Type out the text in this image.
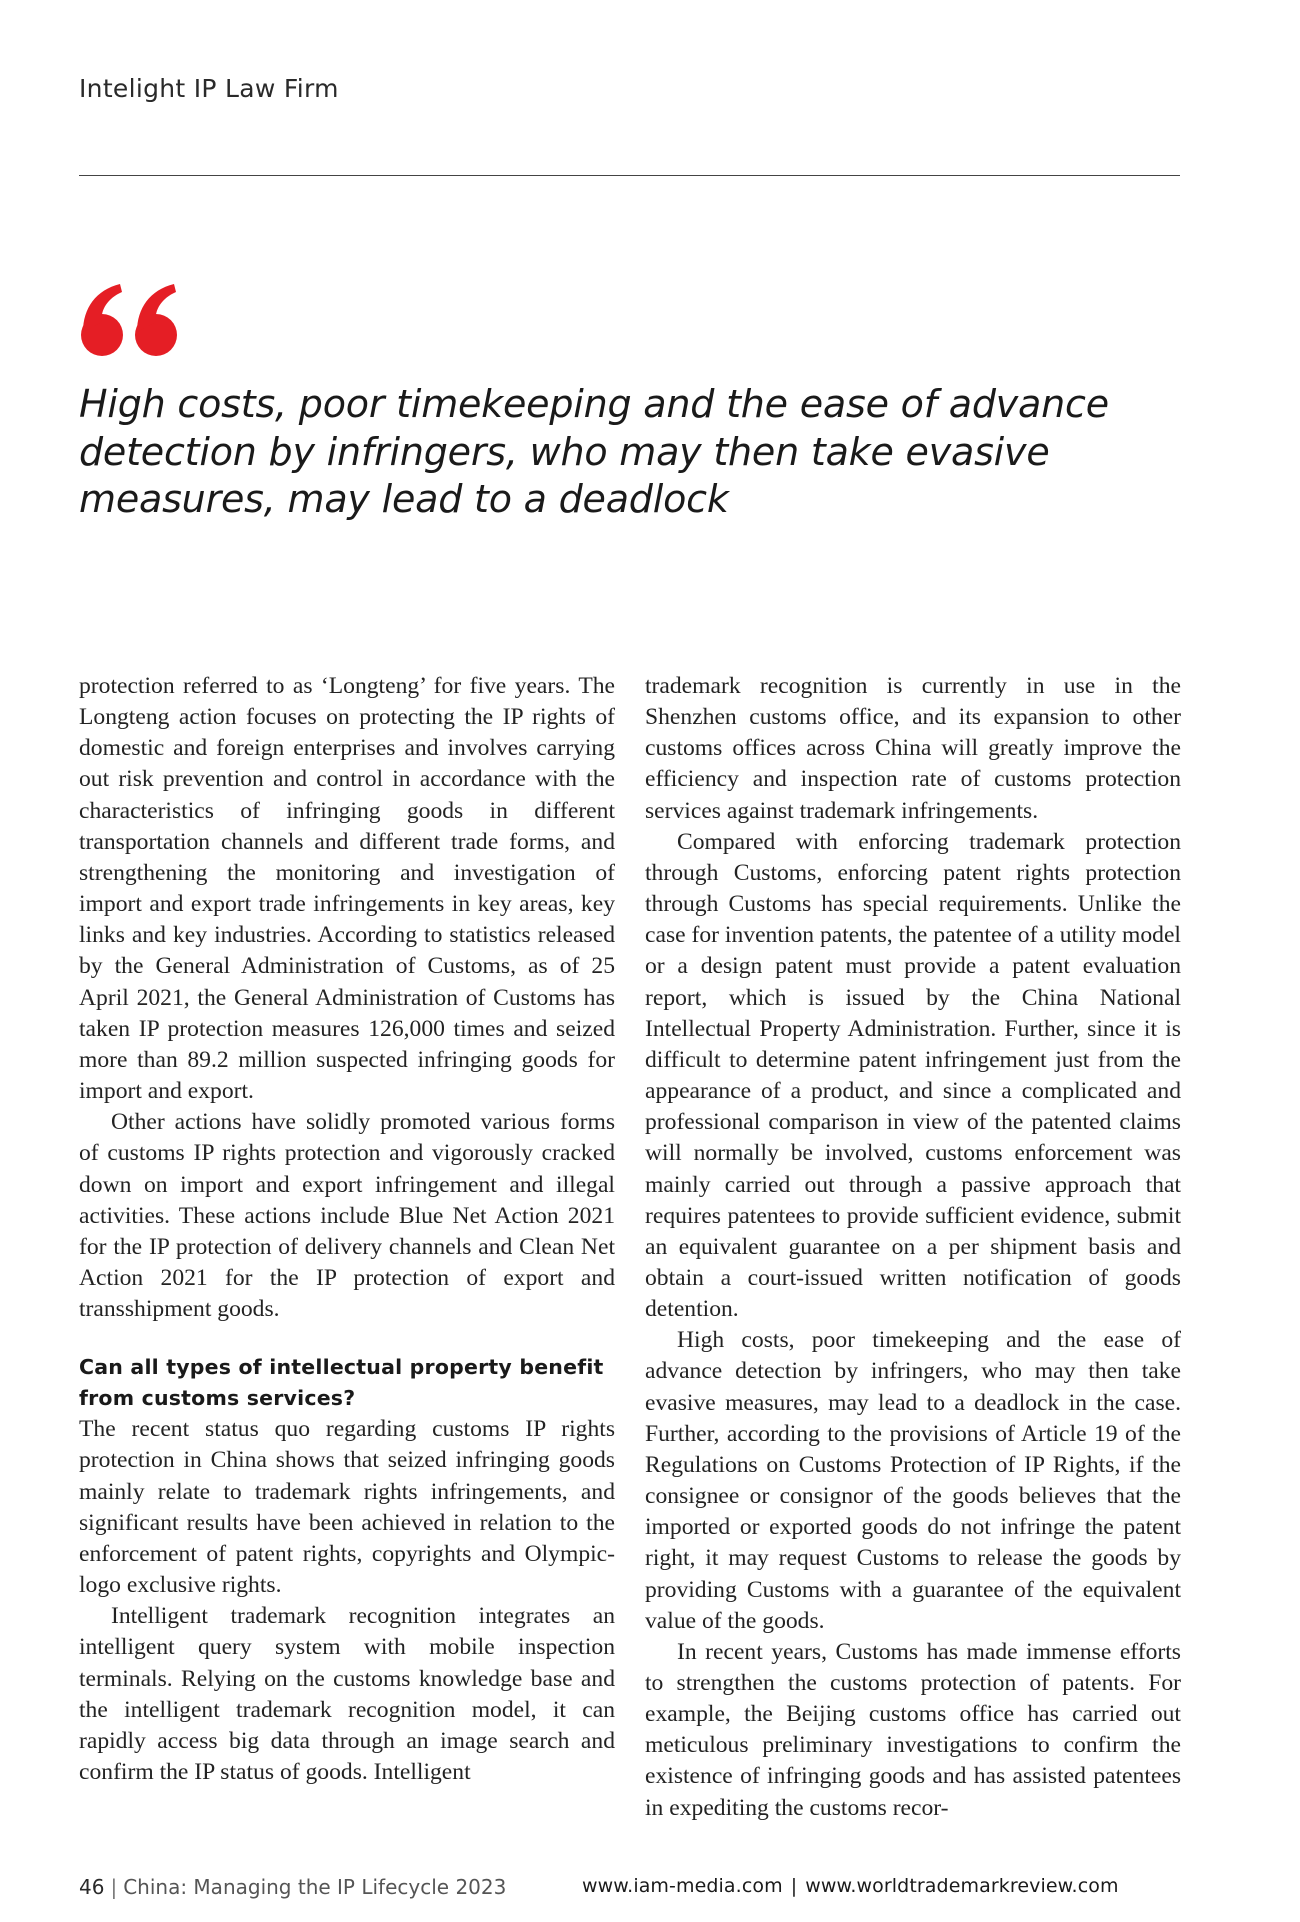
Intelight IP Law Firm
High costs, poor timekeeping and the ease of advance detection by infringers, who may then take evasive measures, may lead to a deadlock

protection referred to as ‘Longteng’ for five years. The Longteng action focuses on protecting the IP rights of domestic and foreign enterprises and involves carrying out risk prevention and control in accordance with the characteristics of infringing goods in different transportation channels and different trade forms, and strengthening the monitoring and investigation of import and export trade infringements in key areas, key links and key industries. According to statistics released by the General Administration of Customs, as of 25 April 2021, the General Administration of Customs has taken IP protection measures 126,000 times and seized more than 89.2 million suspected infringing goods for import and export.

Other actions have solidly promoted various forms of customs IP rights protection and vigorously cracked down on import and export infringement and illegal activities. These actions include Blue Net Action 2021 for the IP protection of delivery channels and Clean Net Action 2021 for the IP protection of export and transshipment goods.

Can all types of intellectual property benefit from customs services?

The recent status quo regarding customs IP rights protection in China shows that seized infringing goods mainly relate to trademark rights infringements, and significant results have been achieved in relation to the enforcement of patent rights, copyrights and Olympic-logo exclusive rights.

Intelligent trademark recognition integrates an intelligent query system with mobile inspection terminals. Relying on the customs knowledge base and the intelligent trademark recognition model, it can rapidly access big data through an image search and confirm the IP status of goods. Intelligent

trademark recognition is currently in use in the Shenzhen customs office, and its expansion to other customs offices across China will greatly improve the efficiency and inspection rate of customs protection services against trademark infringements.

Compared with enforcing trademark protection through Customs, enforcing patent rights protection through Customs has special requirements. Unlike the case for invention patents, the patentee of a utility model or a design patent must provide a patent evaluation report, which is issued by the China National Intellectual Property Administration. Further, since it is difficult to determine patent infringement just from the appearance of a product, and since a complicated and professional comparison in view of the patented claims will normally be involved, customs enforcement was mainly carried out through a passive approach that requires patentees to provide sufficient evidence, submit an equivalent guarantee on a per shipment basis and obtain a court-issued written notification of goods detention.

High costs, poor timekeeping and the ease of advance detection by infringers, who may then take evasive measures, may lead to a deadlock in the case. Further, according to the provisions of Article 19 of the Regulations on Customs Protection of IP Rights, if the consignee or consignor of the goods believes that the imported or exported goods do not infringe the patent right, it may request Customs to release the goods by providing Customs with a guarantee of the equivalent value of the goods.

In recent years, Customs has made immense efforts to strengthen the customs protection of patents. For example, the Beijing customs office has carried out meticulous preliminary investigations to confirm the existence of infringing goods and has assisted patentees in expediting the customs recor-

46 | China: Managing the IP Lifecycle 2023	www.iam-media.com | www.worldtrademarkreview.com
